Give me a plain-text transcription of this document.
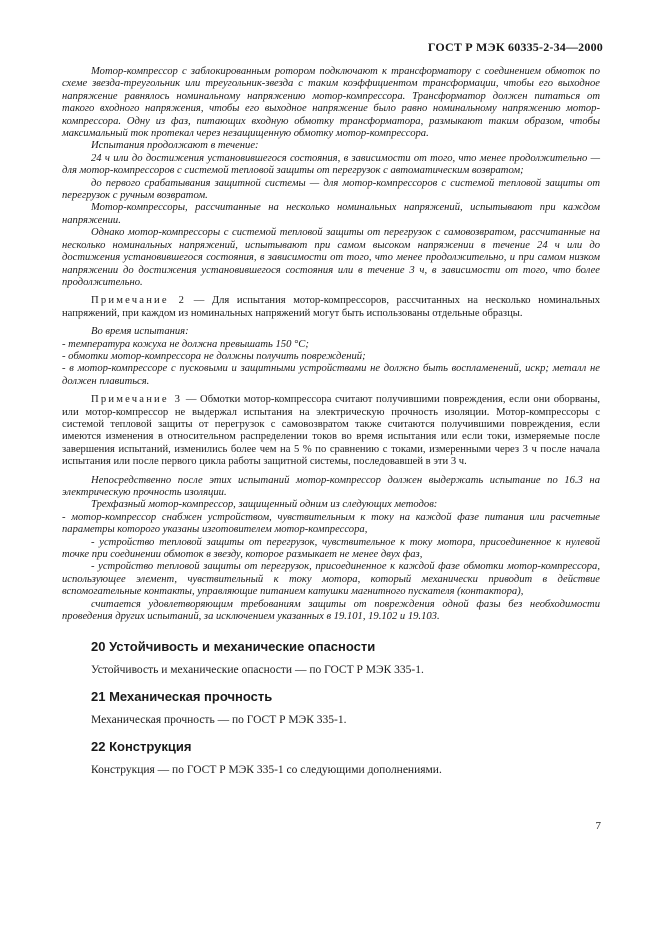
ГОСТ Р МЭК 60335-2-34—2000

Мотор-компрессор с заблокированным ротором подключают к трансформатору с соединением обмоток по схеме звезда-треугольник или треугольник-звезда с таким коэффициентом трансформации, чтобы его выходное напряжение равнялось номинальному напряжению мотор-компрессора. Трансформатор должен питаться от такого входного напряжения, чтобы его выходное напряжение было равно номинальному напряжению мотор-компрессора. Одну из фаз, питающих входную обмотку трансформатора, размыкают таким образом, чтобы максимальный ток протекал через незащищенную обмотку мотор-компрессора.

Испытания продолжают в течение:

24 ч или до достижения установившегося состояния, в зависимости от того, что менее продолжительно — для мотор-компрессоров с системой тепловой защиты от перегрузок с автоматическим возвратом;

до первого срабатывания защитной системы — для мотор-компрессоров с системой тепловой защиты от перегрузок с ручным возвратом.

Мотор-компрессоры, рассчитанные на несколько номинальных напряжений, испытывают при каждом напряжении.

Однако мотор-компрессоры с системой тепловой защиты от перегрузок с самовозвратом, рассчитанные на несколько номинальных напряжений, испытывают при самом высоком напряжении в течение 24 ч или до достижения установившегося состояния, в зависимости от того, что менее продолжительно, и при самом низком напряжении до достижения установившегося состояния или в течение 3 ч, в зависимости от того, что более продолжительно.

Примечание 2 — Для испытания мотор-компрессоров, рассчитанных на несколько номинальных напряжений, при каждом из номинальных напряжений могут быть использованы отдельные образцы.

Во время испытания:

- температура кожуха не должна превышать 150 °С;

- обмотки мотор-компрессора не должны получить повреждений;

- в мотор-компрессоре с пусковыми и защитными устройствами не должно быть воспламенений, искр; металл не должен плавиться.

Примечание 3 — Обмотки мотор-компрессора считают получившими повреждения, если они оборваны, или мотор-компрессор не выдержал испытания на электрическую прочность изоляции. Мотор-компрессоры с системой тепловой защиты от перегрузок с самовозвратом также считаются получившими повреждения, если имеются изменения в относительном распределении токов во время испытания или если токи, измеряемые после завершения испытаний, изменились более чем на 5 % по сравнению с токами, измеренными через 3 ч после начала испытания или после первого цикла работы защитной системы, последовавшей в эти 3 ч.

Непосредственно после этих испытаний мотор-компрессор должен выдержать испытание по 16.3 на электрическую прочность изоляции.

Трехфазный мотор-компрессор, защищенный одним из следующих методов:

- мотор-компрессор снабжен устройством, чувствительным к току на каждой фазе питания или расчетные параметры которого указаны изготовителем мотор-компрессора,

- устройство тепловой защиты от перегрузок, чувствительное к току мотора, присоединенное к нулевой точке при соединении обмоток в звезду, которое размыкает не менее двух фаз,

- устройство тепловой защиты от перегрузок, присоединенное к каждой фазе обмотки мотор-компрессора, использующее элемент, чувствительный к току мотора, который механически приводит в действие вспомогательные контакты, управляющие питанием катушки магнитного пускателя (контактора),

считается удовлетворяющим требованиям защиты от повреждения одной фазы без необходимости проведения других испытаний, за исключением указанных в 19.101, 19.102 и 19.103.

20 Устойчивость и механические опасности

Устойчивость и механические опасности — по ГОСТ Р МЭК 335-1.

21 Механическая прочность

Механическая прочность — по ГОСТ Р МЭК 335-1.

22 Конструкция

Конструкция — по ГОСТ Р МЭК 335-1 со следующими дополнениями.

7
